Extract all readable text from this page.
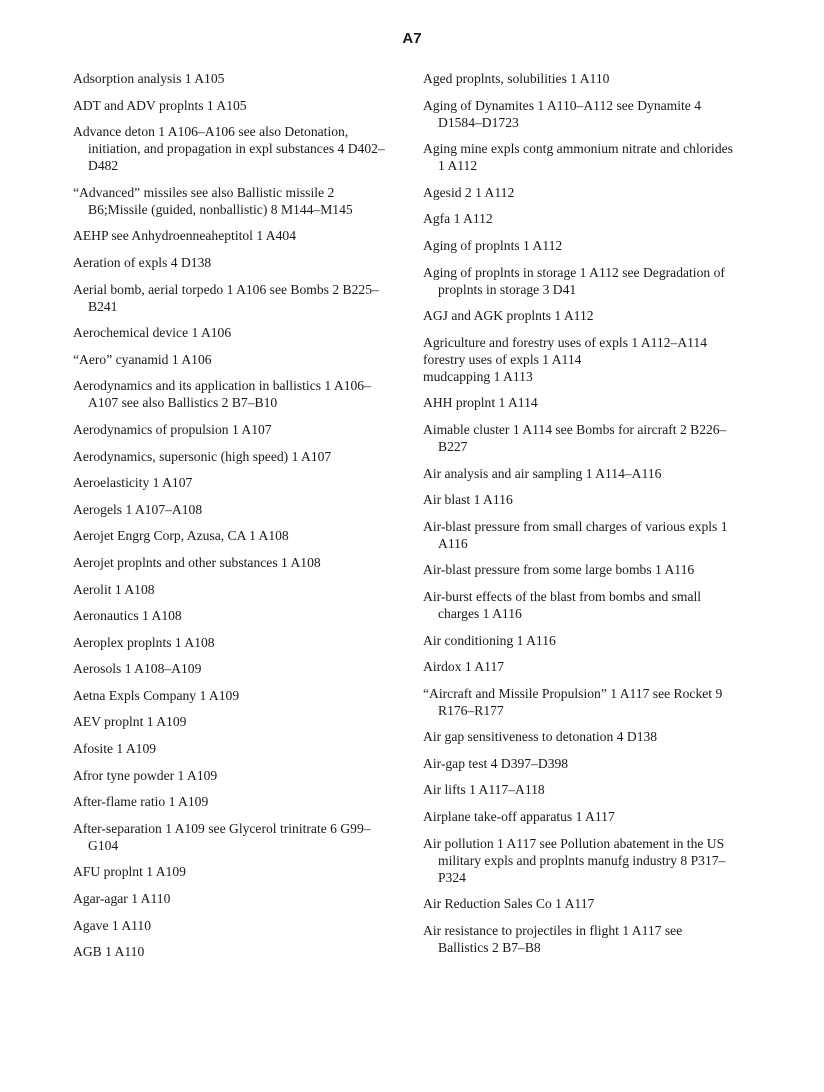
A7
Adsorption analysis 1 A105
ADT and ADV proplnts 1 A105
Advance deton 1 A106–A106 see also Detonation, initiation, and propagation in expl substances 4 D402–D482
“Advanced” missiles see also Ballistic missile 2 B6;Missile (guided, nonballistic) 8 M144–M145
AEHP see Anhydroenneaheptitol 1 A404
Aeration of expls 4 D138
Aerial bomb, aerial torpedo 1 A106 see Bombs 2 B225–B241
Aerochemical device 1 A106
“Aero” cyanamid 1 A106
Aerodynamics and its application in ballistics 1 A106–A107 see also Ballistics 2 B7–B10
Aerodynamics of propulsion 1 A107
Aerodynamics, supersonic (high speed) 1 A107
Aeroelasticity 1 A107
Aerogels 1 A107–A108
Aerojet Engrg Corp, Azusa, CA 1 A108
Aerojet proplnts and other substances 1 A108
Aerolit 1 A108
Aeronautics 1 A108
Aeroplex proplnts 1 A108
Aerosols 1 A108–A109
Aetna Expls Company 1 A109
AEV proplnt 1 A109
Afosite 1 A109
Afror tyne powder 1 A109
After-flame ratio 1 A109
After-separation 1 A109 see Glycerol trinitrate 6 G99–G104
AFU proplnt 1 A109
Agar-agar 1 A110
Agave 1 A110
AGB 1 A110
Aged proplnts, solubilities 1 A110
Aging of Dynamites 1 A110–A112 see Dynamite 4 D1584–D1723
Aging mine expls contg ammonium nitrate and chlorides 1 A112
Agesid 2 1 A112
Agfa 1 A112
Aging of proplnts 1 A112
Aging of proplnts in storage 1 A112 see Degradation of proplnts in storage 3 D41
AGJ and AGK proplnts 1 A112
Agriculture and forestry uses of expls 1 A112–A114
forestry uses of expls 1 A114
mudcapping 1 A113
AHH proplnt 1 A114
Aimable cluster 1 A114 see Bombs for aircraft 2 B226–B227
Air analysis and air sampling 1 A114–A116
Air blast 1 A116
Air-blast pressure from small charges of various expls 1 A116
Air-blast pressure from some large bombs 1 A116
Air-burst effects of the blast from bombs and small charges 1 A116
Air conditioning 1 A116
Airdox 1 A117
“Aircraft and Missile Propulsion” 1 A117 see Rocket 9 R176–R177
Air gap sensitiveness to detonation 4 D138
Air-gap test 4 D397–D398
Air lifts 1 A117–A118
Airplane take-off apparatus 1 A117
Air pollution 1 A117 see Pollution abatement in the US military expls and proplnts manufg industry 8 P317–P324
Air Reduction Sales Co 1 A117
Air resistance to projectiles in flight 1 A117 see Ballistics 2 B7–B8
